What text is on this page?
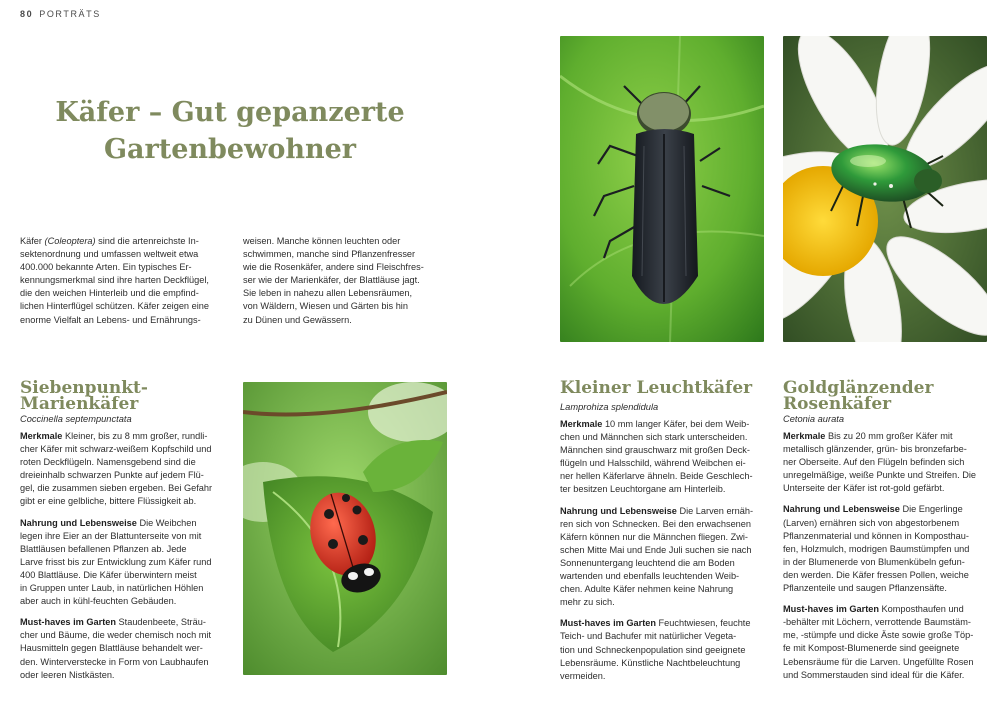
80 PORTRÄTS
Käfer – Gut gepanzerte
Gartenbewohner

Käfer (Coleoptera) sind die artenreichste In-

sektenordnung und umfassen weltweit etwa

400.000 bekannte Arten. Ein typisches Er-

kennungsmerkmal sind ihre harten Deckflügel,

die den weichen Hinterleib und die empfind-

lichen Hinterflügel schützen. Käfer zeigen eine

enorme Vielfalt an Lebens- und Ernährungs-

weisen. Manche können leuchten oder

schwimmen, manche sind Pflanzenfresser

wie die Rosenkäfer, andere sind Fleischfres-

ser wie der Marienkäfer, der Blattläuse jagt.

Sie leben in nahezu allen Lebensräumen,

von Wäldern, Wiesen und Gärten bis hin

zu Dünen und Gewässern.

Siebenpunkt-
Marienkäfer
Coccinella septempunctata
Merkmale Kleiner, bis zu 8 mm großer, rundli-
cher Käfer mit schwarz-weißem Kopfschild und
roten Deckflügeln. Namensgebend sind die
dreieinhalb schwarzen Punkte auf jedem Flü-
gel, die zusammen sieben ergeben. Bei Gefahr
gibt er eine gelbliche, bittere Flüssigkeit ab.
Nahrung und Lebensweise Die Weibchen
legen ihre Eier an der Blattunterseite von mit
Blattläusen befallenen Pflanzen ab. Jede
Larve frisst bis zur Entwicklung zum Käfer rund
400 Blattläuse. Die Käfer überwintern meist
in Gruppen unter Laub, in natürlichen Höhlen
aber auch in kühl-feuchten Gebäuden.
Must-haves im Garten Staudenbeete, Sträu-
cher und Bäume, die weder chemisch noch mit
Hausmitteln gegen Blattläuse behandelt wer-
den. Winterverstecke in Form von Laubhaufen
oder leeren Nistkästen.
Kleiner Leuchtkäfer
Lamprohiza splendidula
Merkmale 10 mm langer Käfer, bei dem Weib-
chen und Männchen sich stark unterscheiden.
Männchen sind grauschwarz mit großen Deck-
flügeln und Halsschild, während Weibchen ei-
ner hellen Käferlarve ähneln. Beide Geschlech-
ter besitzen Leuchtorgane am Hinterleib.
Nahrung und Lebensweise Die Larven ernäh-
ren sich von Schnecken. Bei den erwachsenen
Käfern können nur die Männchen fliegen. Zwi-
schen Mitte Mai und Ende Juli suchen sie nach
Sonnenuntergang leuchtend die am Boden
wartenden und ebenfalls leuchtenden Weib-
chen. Adulte Käfer nehmen keine Nahrung
mehr zu sich.
Must-haves im Garten Feuchtwiesen, feuchte
Teich- und Bachufer mit natürlicher Vegeta-
tion und Schneckenpopulation sind geeignete
Lebensräume. Künstliche Nachtbeleuchtung
vermeiden.
Goldglänzender
Rosenkäfer
Cetonia aurata
Merkmale Bis zu 20 mm großer Käfer mit
metallisch glänzender, grün- bis bronzefarbe-
ner Oberseite. Auf den Flügeln befinden sich
unregelmäßige, weiße Punkte und Streifen. Die
Unterseite der Käfer ist rot-gold gefärbt.
Nahrung und Lebensweise Die Engerlinge
(Larven) ernähren sich von abgestorbenem
Pflanzenmaterial und können in Komposthau-
fen, Holzmulch, modrigen Baumstümpfen und
in der Blumenerde von Blumenkübeln gefun-
den werden. Die Käfer fressen Pollen, weiche
Pflanzenteile und saugen Pflanzensäfte.
Must-haves im Garten Komposthaufen und
-behälter mit Löchern, verrottende Baumstäm-
me, -stümpfe und dicke Äste sowie große Töp-
fe mit Kompost-Blumenerde sind geeignete
Lebensräume für die Larven. Ungefüllte Rosen
und Sommerstauden sind ideal für die Käfer.
